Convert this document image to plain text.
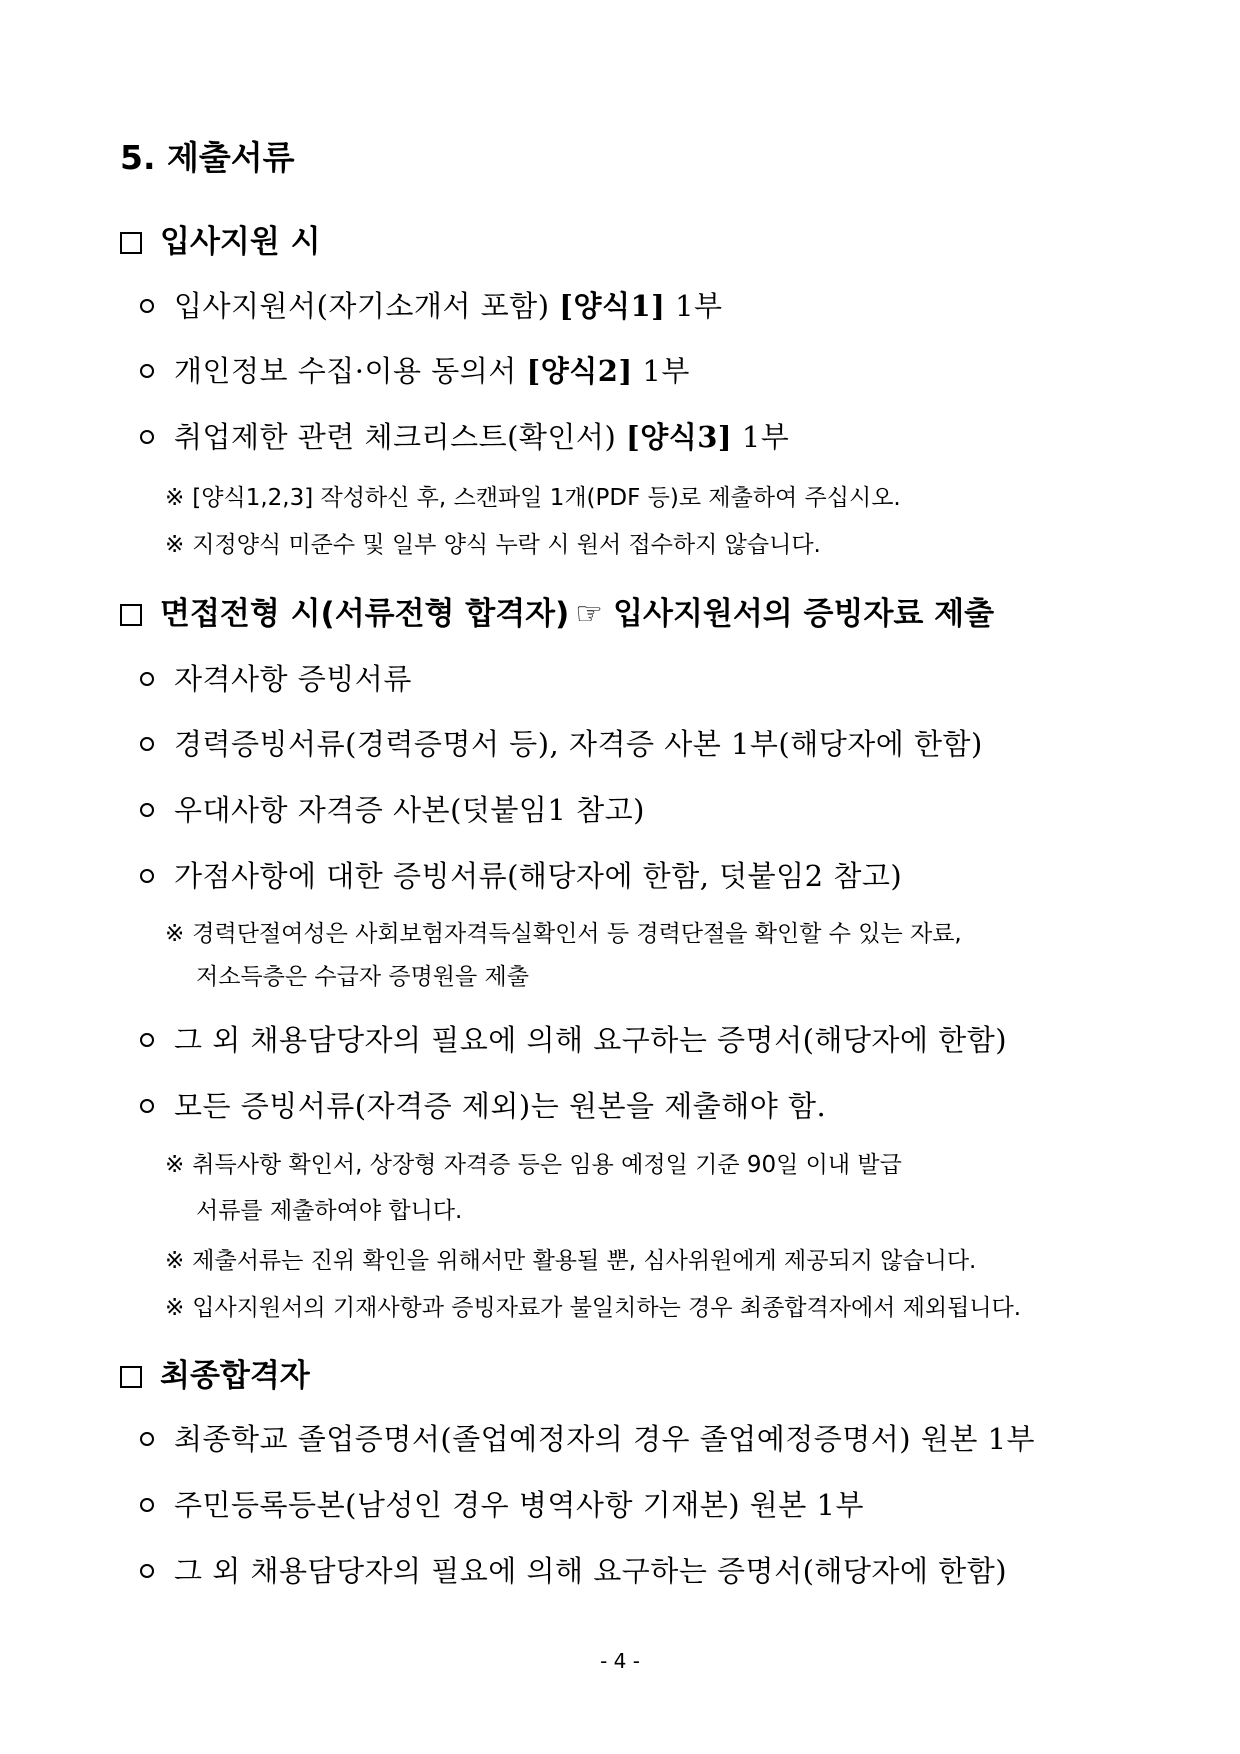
5. 제출서류
입사지원 시
입사지원서(자기소개서 포함) [양식1] 1부
개인정보 수집·이용 동의서 [양식2] 1부
취업제한 관련 체크리스트(확인서) [양식3] 1부
※ [양식1,2,3] 작성하신 후, 스캔파일 1개(PDF 등)로 제출하여 주십시오.
※ 지정양식 미준수 및 일부 양식 누락 시 원서 접수하지 않습니다.
면접전형 시(서류전형 합격자) ☞ 입사지원서의 증빙자료 제출
자격사항 증빙서류
경력증빙서류(경력증명서 등), 자격증 사본 1부(해당자에 한함)
우대사항 자격증 사본(덧붙임1 참고)
가점사항에 대한 증빙서류(해당자에 한함, 덧붙임2 참고)
※ 경력단절여성은 사회보험자격득실확인서 등 경력단절을 확인할 수 있는 자료,
저소득층은 수급자 증명원을 제출
그 외 채용담당자의 필요에 의해 요구하는 증명서(해당자에 한함)
모든 증빙서류(자격증 제외)는 원본을 제출해야 함.
※ 취득사항 확인서, 상장형 자격증 등은 임용 예정일 기준 90일 이내 발급
서류를 제출하여야 합니다.
※ 제출서류는 진위 확인을 위해서만 활용될 뿐, 심사위원에게 제공되지 않습니다.
※ 입사지원서의 기재사항과 증빙자료가 불일치하는 경우 최종합격자에서 제외됩니다.
최종합격자
최종학교 졸업증명서(졸업예정자의 경우 졸업예정증명서) 원본 1부
주민등록등본(남성인 경우 병역사항 기재본) 원본 1부
그 외 채용담당자의 필요에 의해 요구하는 증명서(해당자에 한함)
- 4 -
